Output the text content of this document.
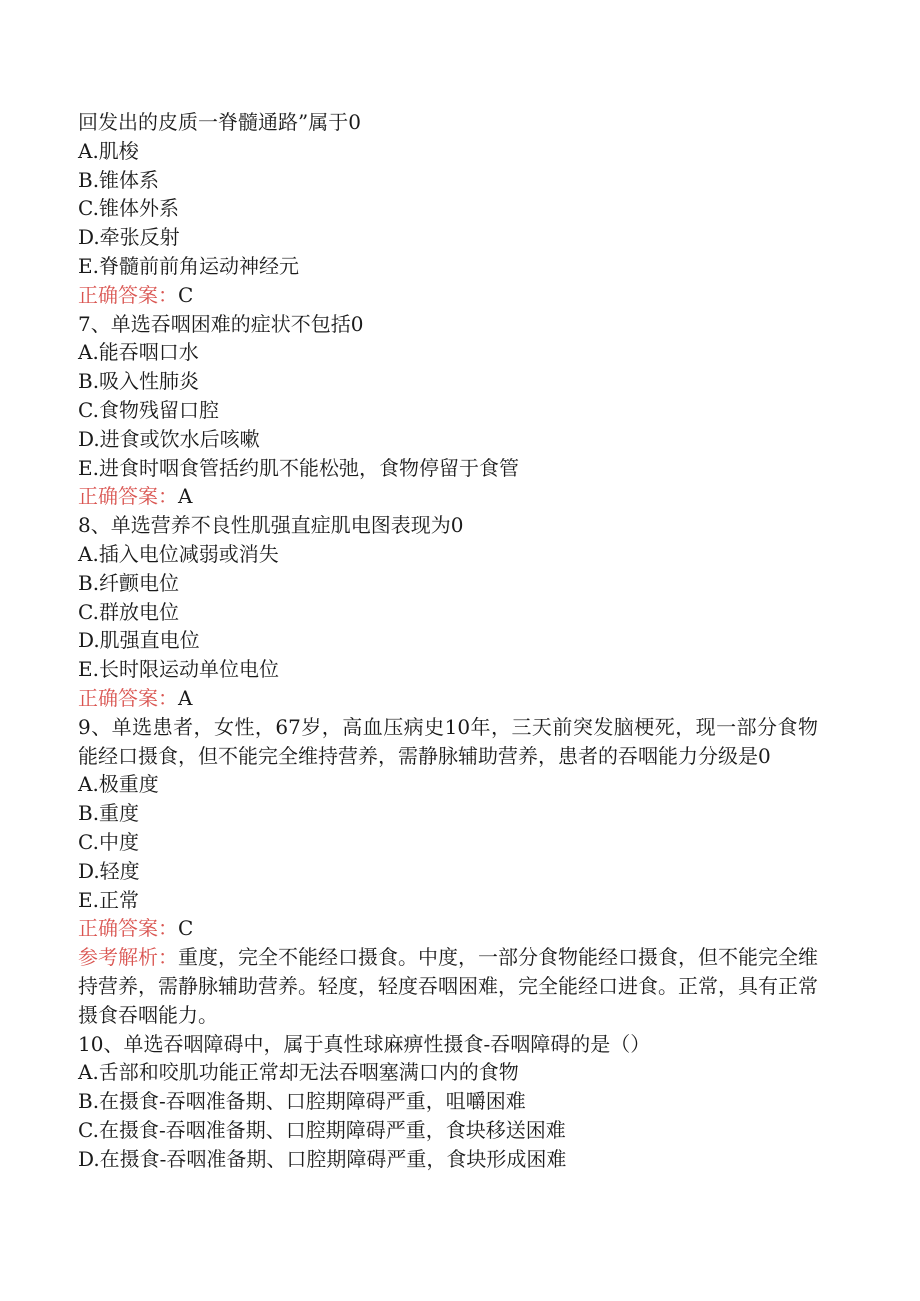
回发出的皮质一脊髓通路”属于0
A.肌梭
B.锥体系
C.锥体外系
D.牵张反射
E.脊髓前前角运动神经元
正确答案：C
7、单选吞咽困难的症状不包括0
A.能吞咽口水
B.吸入性肺炎
C.食物残留口腔
D.进食或饮水后咳嗽
E.进食时咽食管括约肌不能松弛，食物停留于食管
正确答案：A
8、单选营养不良性肌强直症肌电图表现为0
A.插入电位减弱或消失
B.纤颤电位
C.群放电位
D.肌强直电位
E.长时限运动单位电位
正确答案：A
9、单选患者，女性，67岁，高血压病史10年，三天前突发脑梗死，现一部分食物能经口摄食，但不能完全维持营养，需静脉辅助营养，患者的吞咽能力分级是0
A.极重度
B.重度
C.中度
D.轻度
E.正常
正确答案：C
参考解析：重度，完全不能经口摄食。中度，一部分食物能经口摄食，但不能完全维持营养，需静脉辅助营养。轻度，轻度吞咽困难，完全能经口进食。正常，具有正常摄食吞咽能力。
10、单选吞咽障碍中，属于真性球麻痹性摄食-吞咽障碍的是（）
A.舌部和咬肌功能正常却无法吞咽塞满口内的食物
B.在摄食-吞咽准备期、口腔期障碍严重，咀嚼困难
C.在摄食-吞咽准备期、口腔期障碍严重，食块移送困难
D.在摄食-吞咽准备期、口腔期障碍严重，食块形成困难
